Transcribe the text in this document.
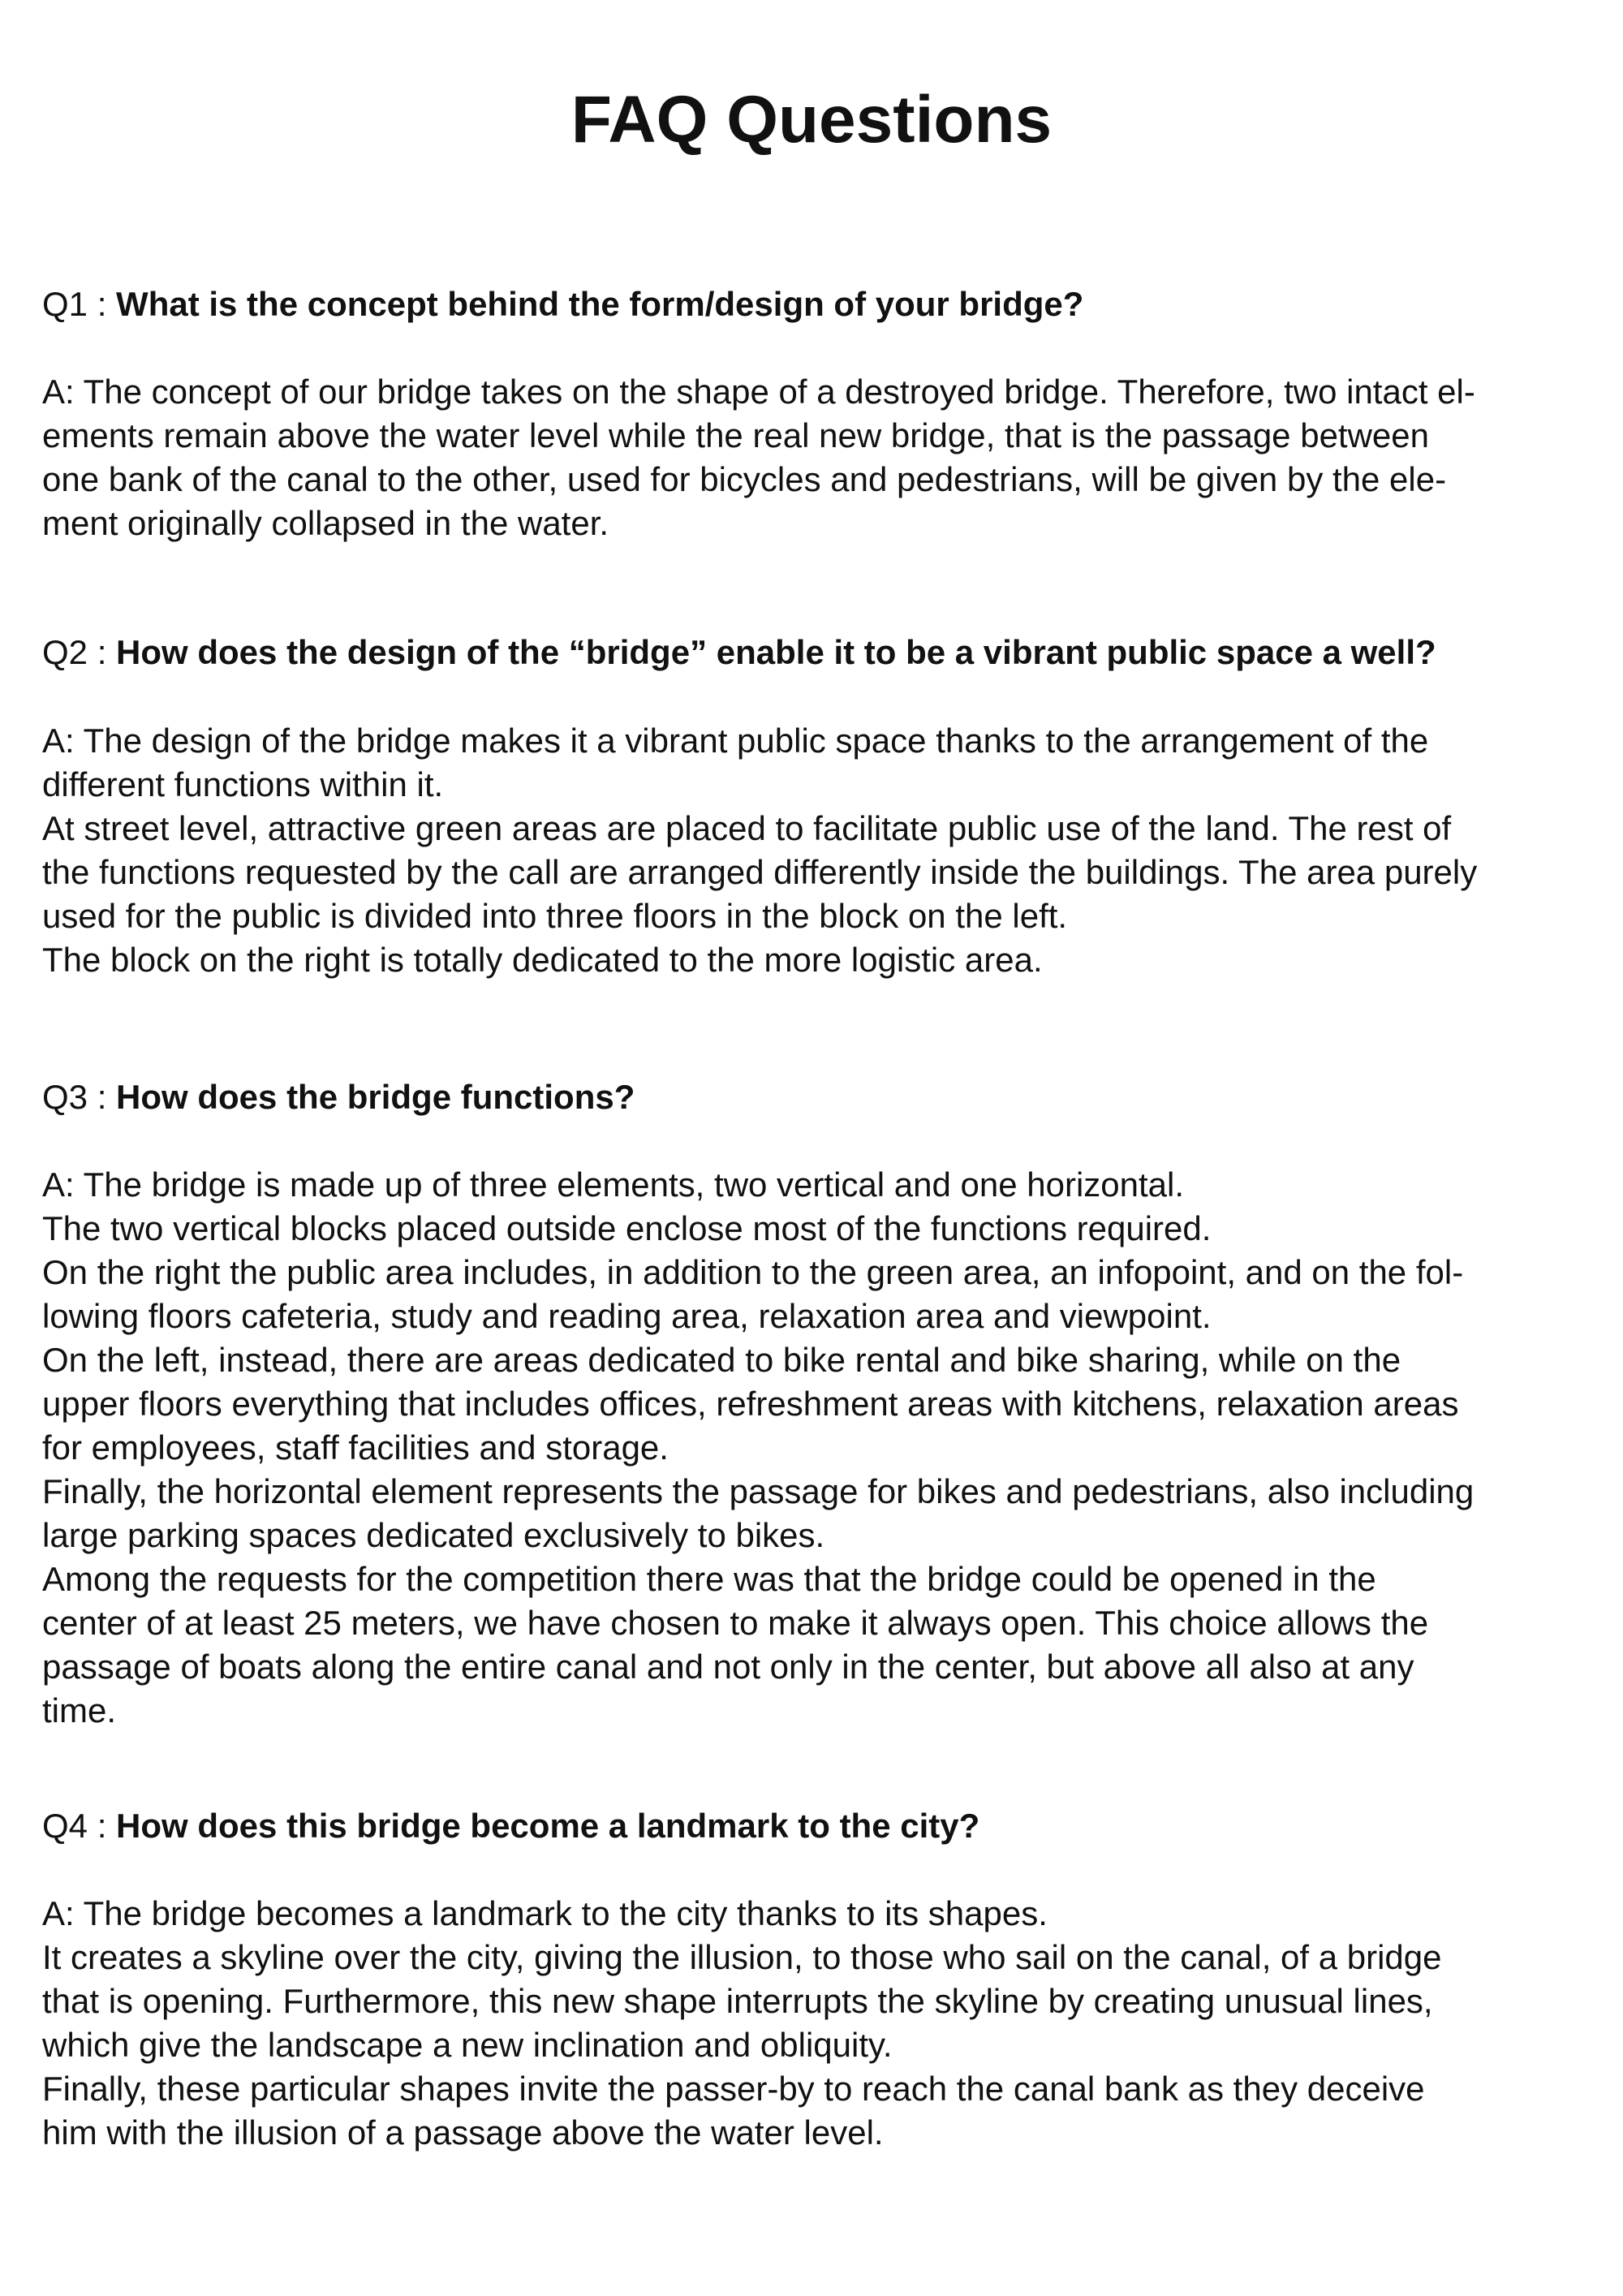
FAQ Questions

Q1 : What is the concept behind the form/design of your bridge?

A: The concept of our bridge takes on the shape of a destroyed bridge. Therefore, two intact el-
ements remain above the water level while the real new bridge, that is the passage between
one bank of the canal to the other, used for bicycles and pedestrians, will be given by the ele-
ment originally collapsed in the water.

Q2 : How does the design of the “bridge” enable it to be a vibrant public space a well?

A: The design of the bridge makes it a vibrant public space thanks to the arrangement of the
different functions within it.

At street level, attractive green areas are placed to facilitate public use of the land. The rest of
the functions requested by the call are arranged differently inside the buildings. The area purely
used for the public is divided into three floors in the block on the left.

The block on the right is totally dedicated to the more logistic area.

Q3 : How does the bridge functions?

A: The bridge is made up of three elements, two vertical and one horizontal.

The two vertical blocks placed outside enclose most of the functions required.

On the right the public area includes, in addition to the green area, an infopoint, and on the fol-
lowing floors cafeteria, study and reading area, relaxation area and viewpoint.

On the left, instead, there are areas dedicated to bike rental and bike sharing, while on the
upper floors everything that includes offices, refreshment areas with kitchens, relaxation areas
for employees, staff facilities and storage.

Finally, the horizontal element represents the passage for bikes and pedestrians, also including
large parking spaces dedicated exclusively to bikes.

Among the requests for the competition there was that the bridge could be opened in the
center of at least 25 meters, we have chosen to make it always open. This choice allows the
passage of boats along the entire canal and not only in the center, but above all also at any
time.

Q4 : How does this bridge become a landmark to the city?

A: The bridge becomes a landmark to the city thanks to its shapes.

It creates a skyline over the city, giving the illusion, to those who sail on the canal, of a bridge
that is opening. Furthermore, this new shape interrupts the skyline by creating unusual lines,
which give the landscape a new inclination and obliquity.

Finally, these particular shapes invite the passer-by to reach the canal bank as they deceive
him with the illusion of a passage above the water level.
